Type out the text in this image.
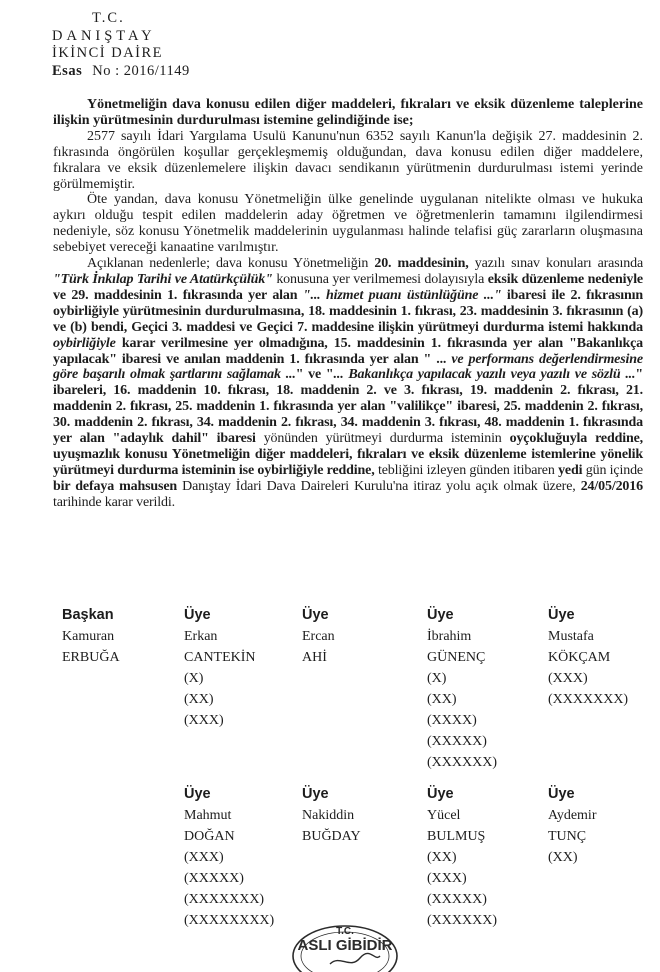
T.C.
DANIŞTAY
İKİNCİ DAİRE
Esas No : 2016/1149

Yönetmeliğin dava konusu edilen diğer maddeleri, fıkraları ve eksik düzenleme taleplerine ilişkin yürütmesinin durdurulması istemine gelindiğinde ise;

2577 sayılı İdari Yargılama Usulü Kanunu'nun 6352 sayılı Kanun'la değişik 27. maddesinin 2. fıkrasında öngörülen koşullar gerçekleşmemiş olduğundan, dava konusu edilen diğer maddelere, fıkralara ve eksik düzenlemelere ilişkin davacı sendikanın yürütmenin durdurulması istemi yerinde görülmemiştir.

Öte yandan, dava konusu Yönetmeliğin ülke genelinde uygulanan nitelikte olması ve hukuka aykırı olduğu tespit edilen maddelerin aday öğretmen ve öğretmenlerin tamamını ilgilendirmesi nedeniyle, söz konusu Yönetmelik maddelerinin uygulanması halinde telafisi güç zararların oluşmasına sebebiyet vereceği kanaatine varılmıştır.

Açıklanan nedenlerle; dava konusu Yönetmeliğin 20. maddesinin, yazılı sınav konuları arasında "Türk İnkılap Tarihi ve Atatürkçülük" konusuna yer verilmemesi dolayısıyla eksik düzenleme nedeniyle ve 29. maddesinin 1. fıkrasında yer alan "... hizmet puanı üstünlüğüne ..." ibaresi ile 2. fıkrasının oybirliğiyle yürütmesinin durdurulmasına, 18. maddesinin 1. fıkrası, 23. maddesinin 3. fıkrasının (a) ve (b) bendi, Geçici 3. maddesi ve Geçici 7. maddesine ilişkin yürütmeyi durdurma istemi hakkında oybirliğiyle karar verilmesine yer olmadığına, 15. maddesinin 1. fıkrasında yer alan "Bakanlıkça yapılacak" ibaresi ve anılan maddenin 1. fıkrasında yer alan " ... ve performans değerlendirmesine göre başarılı olmak şartlarını sağlamak ..." ve "... Bakanlıkça yapılacak yazılı veya yazılı ve sözlü ..." ibareleri, 16. maddenin 10. fıkrası, 18. maddenin 2. ve 3. fıkrası, 19. maddenin 2. fıkrası, 21. maddenin 2. fıkrası, 25. maddenin 1. fıkrasında yer alan "valilikçe" ibaresi, 25. maddenin 2. fıkrası, 30. maddenin 2. fıkrası, 34. maddenin 2. fıkrası, 34. maddenin 3. fıkrası, 48. maddenin 1. fıkrasında yer alan "adaylık dahil" ibaresi yönünden yürütmeyi durdurma isteminin oyçokluğuyla reddine, uyuşmazlık konusu Yönetmeliğin diğer maddeleri, fıkraları ve eksik düzenleme istemlerine yönelik yürütmeyi durdurma isteminin ise oybirliğiyle reddine, tebliğini izleyen günden itibaren yedi gün içinde bir defaya mahsusen Danıştay İdari Dava Daireleri Kurulu'na itiraz yolu açık olmak üzere, 24/05/2016 tarihinde karar verildi.

Başkan
Kamuran
ERBUĞA
Üye
Erkan
CANTEKİN
(X)
(XX)
(XXX)
Üye
Ercan
AHİ
Üye
İbrahim
GÜNENÇ
(X)
(XX)
(XXXX)
(XXXXX)
(XXXXXX)
Üye
Mustafa
KÖKÇAM
(XXX)
(XXXXXXX)
Üye
Mahmut
DOĞAN
(XXX)
(XXXXX)
(XXXXXXX)
(XXXXXXXX)
Üye
Nakiddin
BUĞDAY
Üye
Yücel
BULMUŞ
(XX)
(XXX)
(XXXXX)
(XXXXXX)
Üye
Aydemir
TUNÇ
(XX)
T.C.
ASLI GİBİDİR
